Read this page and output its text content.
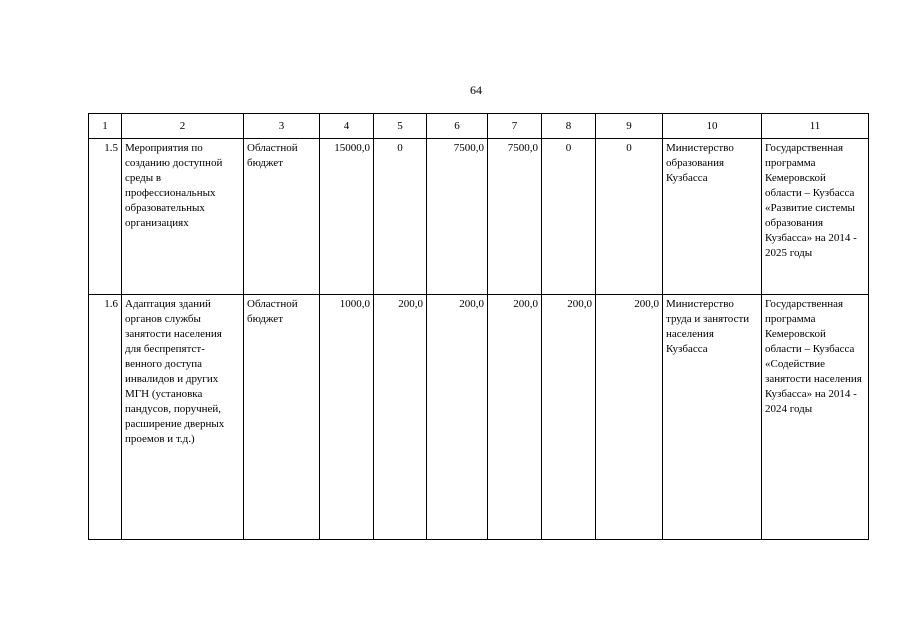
64
1	2	3	4	5	6	7	8	9	10	11
1.5	Мероприятия по созданию доступной среды в профессиональных образовательных организациях	Областной бюджет	15000,0	0	7500,0	7500,0	0	0	Министерство образования Кузбасса	Государственная программа Кемеровской области – Кузбасса «Развитие системы образования Кузбасса» на 2014 - 2025 годы
1.6	Адаптация зданий органов службы занятости населения для беспрепятст-венного доступа инвалидов и других МГН (установка пандусов, поручней, расширение дверных проемов и т.д.)	Областной бюджет	1000,0	200,0	200,0	200,0	200,0	200,0	Министерство труда и занятости населения Кузбасса	Государственная программа Кемеровской области – Кузбасса «Содействие занятости населения Кузбасса» на 2014 - 2024 годы
